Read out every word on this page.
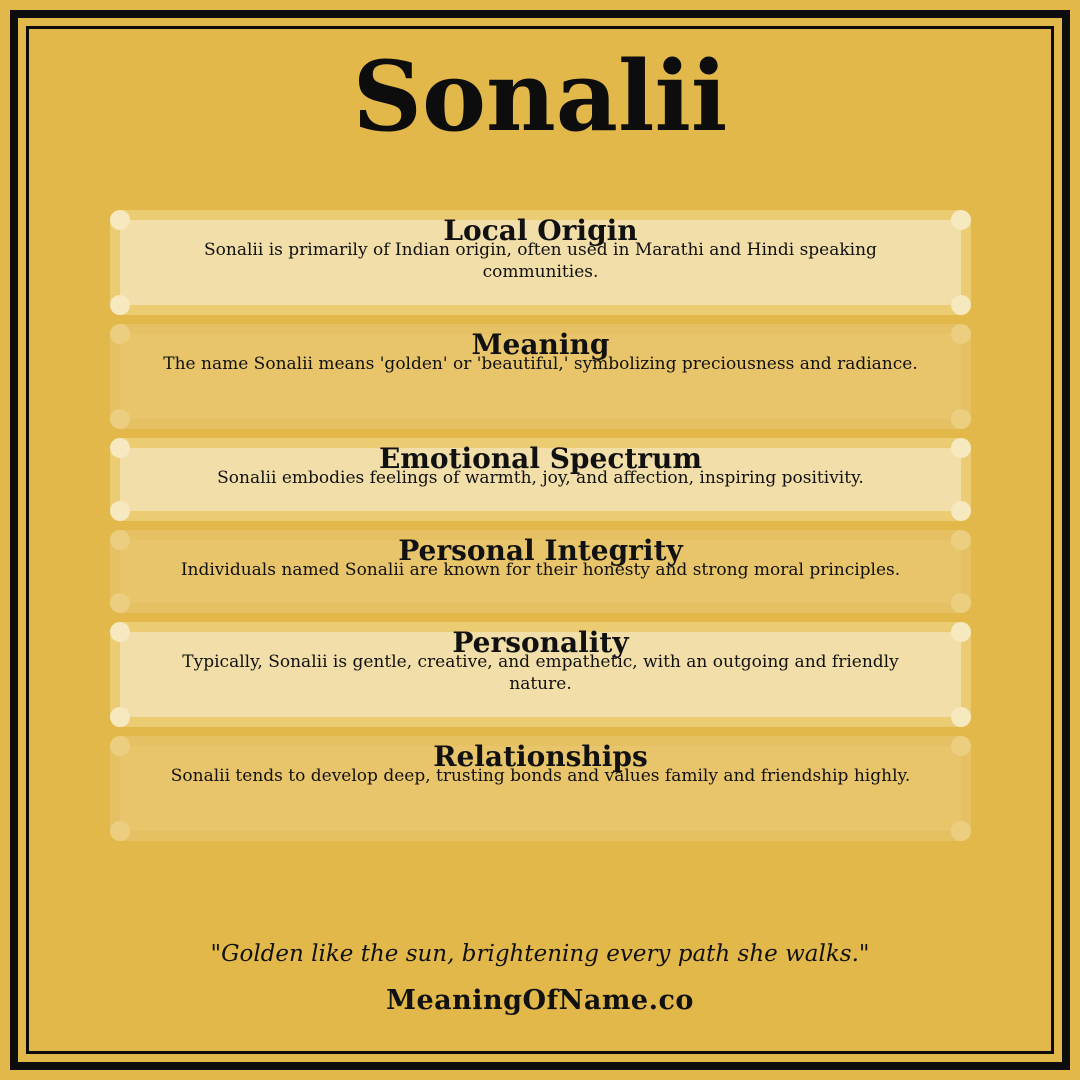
Sonalii
Local Origin

Sonalii is primarily of Indian origin, often used in Marathi and Hindi speaking communities.

Meaning

The name Sonalii means 'golden' or 'beautiful,' symbolizing preciousness and radiance.

Emotional Spectrum

Sonalii embodies feelings of warmth, joy, and affection, inspiring positivity.

Personal Integrity

Individuals named Sonalii are known for their honesty and strong moral principles.

Personality

Typically, Sonalii is gentle, creative, and empathetic, with an outgoing and friendly nature.

Relationships

Sonalii tends to develop deep, trusting bonds and values family and friendship highly.

"Golden like the sun, brightening every path she walks."
MeaningOfName.co
